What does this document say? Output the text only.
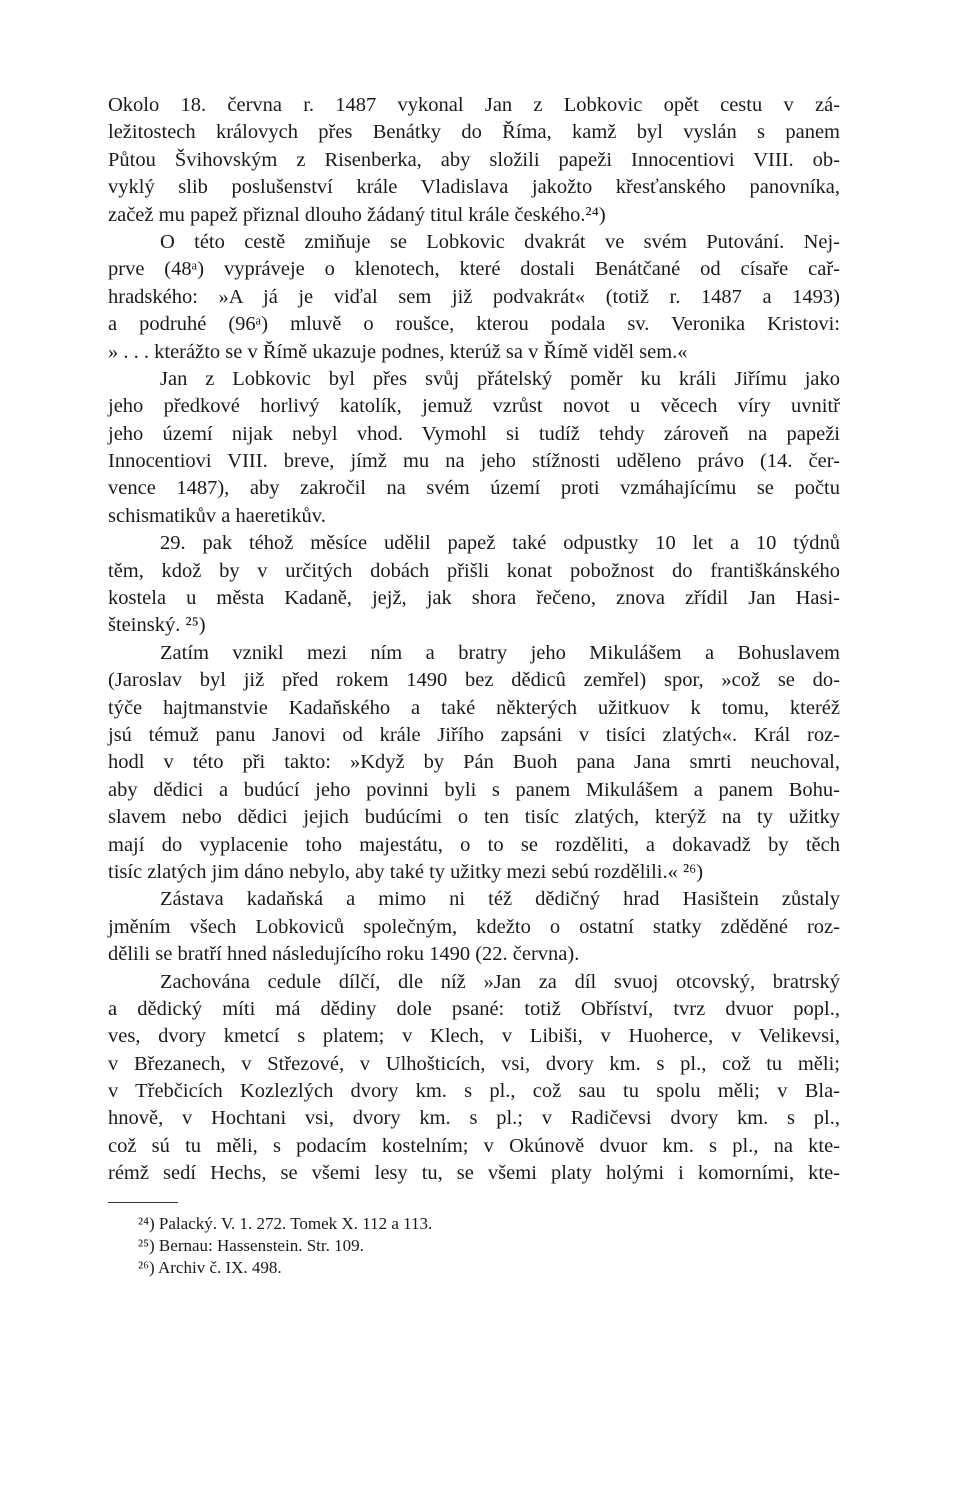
Okolo 18. června r. 1487 vykonal Jan z Lobkovic opět cestu v zá-
ležitostech královych přes Benátky do Říma, kamž byl vyslán s panem
Půtou Švihovským z Risenberka, aby složili papeži Innocentiovi VIII. ob-
vyklý slib poslušenství krále Vladislava jakožto křesťanského panovníka,
začež mu papež přiznal dlouho žádaný titul krále českého.²⁴)
O této cestě zmiňuje se Lobkovic dvakrát ve svém Putování. Nej-
prve (48ᵃ) vypráveje o klenotech, které dostali Benátčané od císaře cař-
hradského: »A já je viďal sem již podvakrát« (totiž r. 1487 a 1493)
a podruhé (96ᵃ) mluvě o roušce, kterou podala sv. Veronika Kristovi:
» . . . kterážto se v Římě ukazuje podnes, kterúž sa v Římě viděl sem.«
Jan z Lobkovic byl přes svůj přátelský poměr ku králi Jiřímu jako
jeho předkové horlivý katolík, jemuž vzrůst novot u věcech víry uvnitř
jeho území nijak nebyl vhod. Vymohl si tudíž tehdy zároveň na papeži
Innocentiovi VIII. breve, jímž mu na jeho stížnosti uděleno právo (14. čer-
vence 1487), aby zakročil na svém území proti vzmáhajícímu se počtu
schismatikův a haeretikův.
29. pak téhož měsíce udělil papež také odpustky 10 let a 10 týdnů
těm, kdož by v určitých dobách přišli konat pobožnost do františkánského
kostela u města Kadaně, jejž, jak shora řečeno, znova zřídil Jan Hasi-
šteinský. ²⁵)
Zatím vznikl mezi ním a bratry jeho Mikulášem a Bohuslavem
(Jaroslav byl již před rokem 1490 bez dědicû zemřel) spor, »což se do-
týče hajtmanstvie Kadaňského a také některých užitkuov k tomu, kteréž
jsú témuž panu Janovi od krále Jiřího zapsáni v tisíci zlatých«. Král roz-
hodl v této při takto: »Když by Pán Buoh pana Jana smrti neuchoval,
aby dědici a budúcí jeho povinni byli s panem Mikulášem a panem Bohu-
slavem nebo dědici jejich budúcími o ten tisíc zlatých, kterýž na ty užitky
mají do vyplacenie toho majestátu, o to se rozděliti, a dokavadž by těch
tisíc zlatých jim dáno nebylo, aby také ty užitky mezi sebú rozdělili.« ²⁶)
Zástava kadaňská a mimo ni též dědičný hrad Hasištein zůstaly
jměním všech Lobkoviců společným, kdežto o ostatní statky zděděné roz-
dělili se bratří hned následujícího roku 1490 (22. června).
Zachována cedule dílčí, dle níž »Jan za díl svuoj otcovský, bratrský
a dědický míti má dědiny dole psané: totiž Obříství, tvrz dvuor popl.,
ves, dvory kmetcí s platem; v Klech, v Libiši, v Huoherce, v Velikevsi,
v Březanech, v Střezové, v Ulhošticích, vsi, dvory km. s pl., což tu měli;
v Třebčicích Kozlezlých dvory km. s pl., což sau tu spolu měli; v Bla-
hnově, v Hochtani vsi, dvory km. s pl.; v Radičevsi dvory km. s pl.,
což sú tu měli, s podacím kostelním; v Okúnově dvuor km. s pl., na kte-
rémž sedí Hechs, se všemi lesy tu, se všemi platy holými i komorními, kte-
²⁴) Palacký. V. 1. 272. Tomek X. 112 a 113.
²⁵) Bernau: Hassenstein. Str. 109.
²⁶) Archiv č. IX. 498.
